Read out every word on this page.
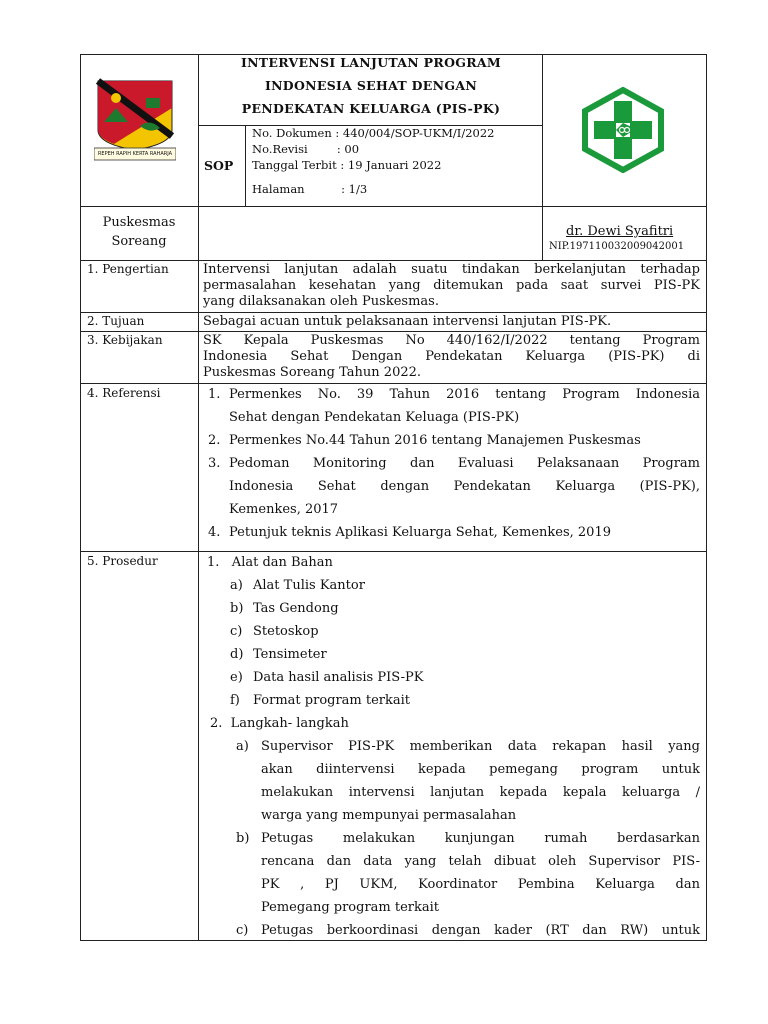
REPEH RAPIH KERTA RAHARJA
INTERVENSI LANJUTAN PROGRAM
INDONESIA SEHAT DENGAN
PENDEKATAN KELUARGA (PIS-PK)
SOP
No. Dokumen : 440/004/SOP-UKM/I/2022
No.Revisi        : 00
Tanggal Terbit : 19 Januari 2022
Halaman          : 1/3
Puskesmas
Soreang
dr. Dewi Syafitri
NIP.197110032009042001
1. Pengertian	Intervensi lanjutan adalah suatu tindakan berkelanjutan terhadap
permasalahan kesehatan yang ditemukan pada saat survei PIS-PK
yang dilaksanakan oleh Puskesmas.
2. Tujuan	Sebagai acuan untuk pelaksanaan intervensi lanjutan PIS-PK.
3. Kebijakan	SK Kepala Puskesmas No 440/162/I/2022 tentang Program
Indonesia Sehat Dengan Pendekatan Keluarga (PIS-PK) di
Puskesmas Soreang Tahun 2022.
4. Referensi	1. Permenkes No. 39 Tahun 2016 tentang Program Indonesia
Sehat dengan Pendekatan Keluaga (PIS-PK)
2. Permenkes No.44 Tahun 2016 tentang Manajemen Puskesmas
3. Pedoman Monitoring dan Evaluasi Pelaksanaan Program
Indonesia Sehat dengan Pendekatan Keluarga (PIS-PK),
Kemenkes, 2017
4. Petunjuk teknis Aplikasi Keluarga Sehat, Kemenkes, 2019
5. Prosedur	1.   Alat dan Bahan
a) Alat Tulis Kantor
b) Tas Gendong
c) Stetoskop
d) Tensimeter
e) Data hasil analisis PIS-PK
f) Format program terkait
2.  Langkah- langkah
a) Supervisor PIS-PK memberikan data rekapan hasil yang
akan diintervensi kepada pemegang program untuk
melakukan intervensi lanjutan kepada kepala keluarga /
warga yang mempunyai permasalahan
b) Petugas melakukan kunjungan rumah berdasarkan
rencana dan data yang telah dibuat oleh Supervisor PIS-
PK , PJ UKM, Koordinator Pembina Keluarga dan
Pemegang program terkait
c) Petugas berkoordinasi dengan kader (RT dan RW) untuk
